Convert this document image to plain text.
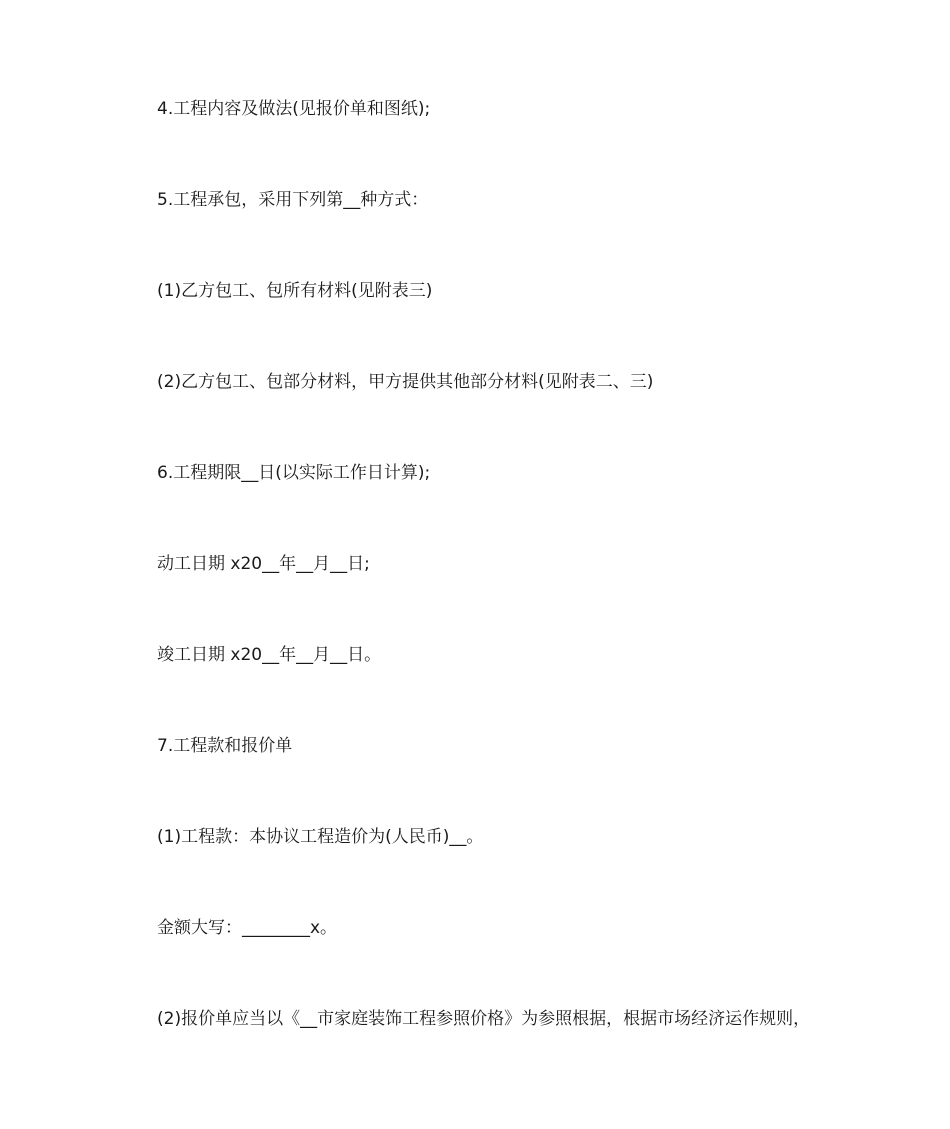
4.工程内容及做法(见报价单和图纸);
5.工程承包，采用下列第__种方式：
(1)乙方包工、包所有材料(见附表三)
(2)乙方包工、包部分材料，甲方提供其他部分材料(见附表二、三)
6.工程期限__日(以实际工作日计算);
动工日期 x20__年__月__日;
竣工日期 x20__年__月__日。
7.工程款和报价单
(1)工程款：本协议工程造价为(人民币)__。
金额大写：________x。
(2)报价单应当以《__市家庭装饰工程参照价格》为参照根据，根据市场经济运作规则，
